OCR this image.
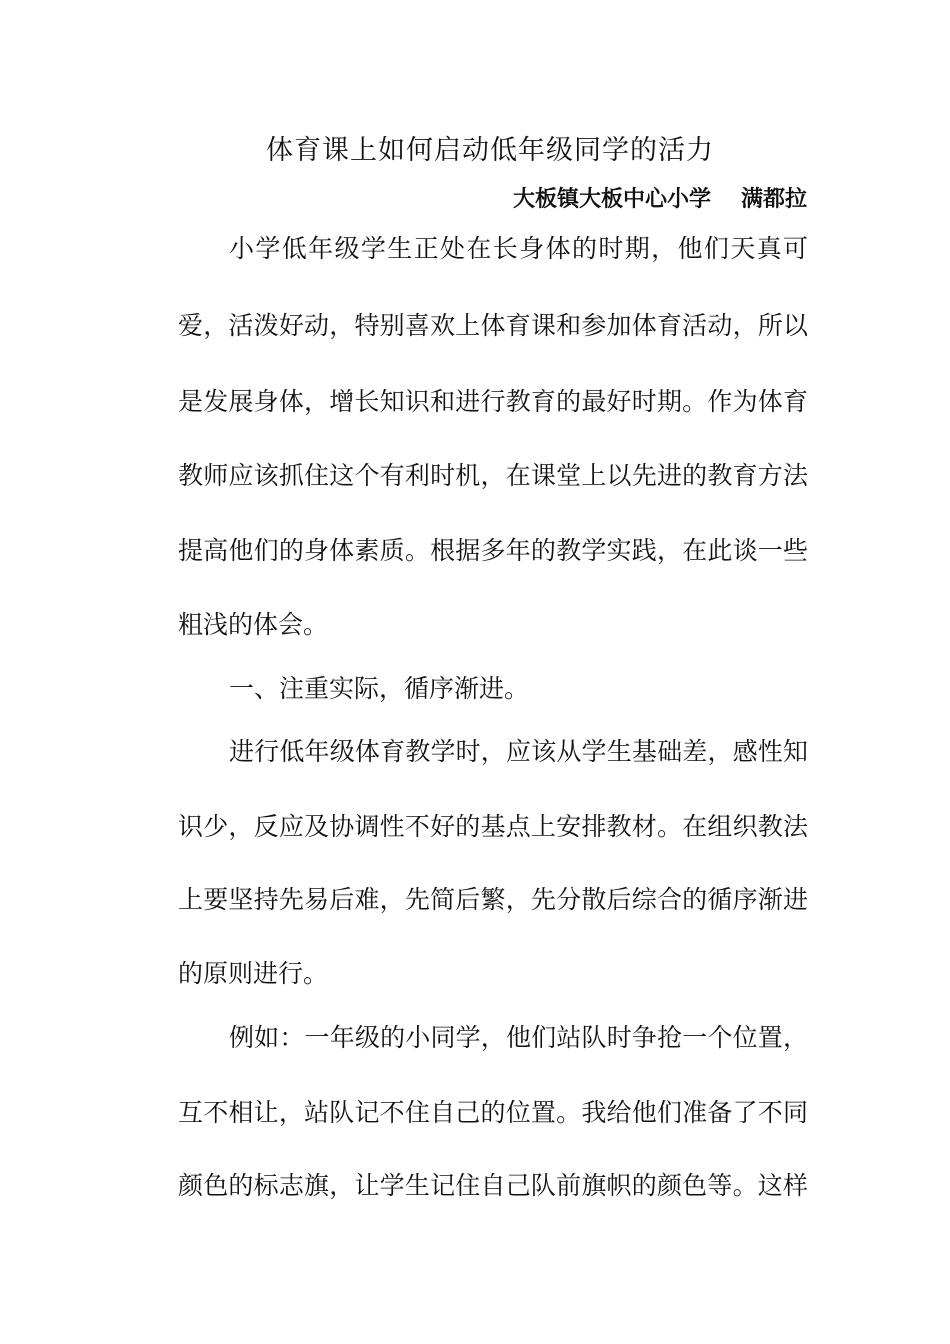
体育课上如何启动低年级同学的活力
大板镇大板中心小学 满都拉
小学低年级学生正处在长身体的时期，他们天真可
爱，活泼好动，特别喜欢上体育课和参加体育活动，所以
是发展身体，增长知识和进行教育的最好时期。作为体育
教师应该抓住这个有利时机，在课堂上以先进的教育方法
提高他们的身体素质。根据多年的教学实践，在此谈一些
粗浅的体会。
一、注重实际，循序渐进。
进行低年级体育教学时，应该从学生基础差，感性知
识少，反应及协调性不好的基点上安排教材。在组织教法
上要坚持先易后难，先简后繁，先分散后综合的循序渐进
的原则进行。
例如：一年级的小同学，他们站队时争抢一个位置，
互不相让，站队记不住自己的位置。我给他们准备了不同
颜色的标志旗，让学生记住自己队前旗帜的颜色等。这样
